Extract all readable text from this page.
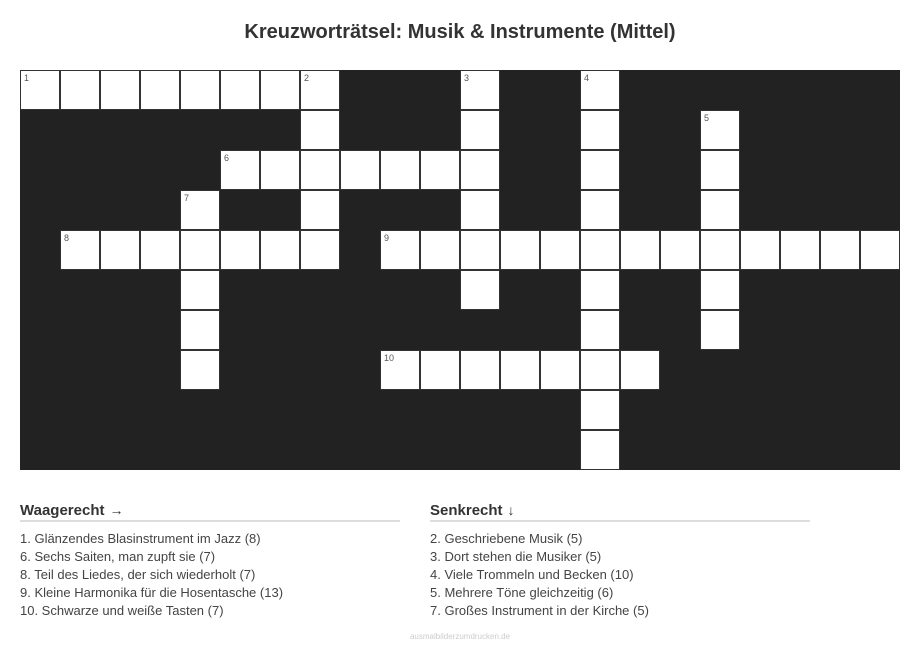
Kreuzworträtsel: Musik & Instrumente (Mittel)
1	2
6
8	9
10
3	4
5
7
Waagerecht →
1. Glänzendes Blasinstrument im Jazz (8)
6. Sechs Saiten, man zupft sie (7)
8. Teil des Liedes, der sich wiederholt (7)
9. Kleine Harmonika für die Hosentasche (13)
10. Schwarze und weiße Tasten (7)
Senkrecht ↓
2. Geschriebene Musik (5)
3. Dort stehen die Musiker (5)
4. Viele Trommeln und Becken (10)
5. Mehrere Töne gleichzeitig (6)
7. Großes Instrument in der Kirche (5)
ausmalbilderzumdrucken.de
